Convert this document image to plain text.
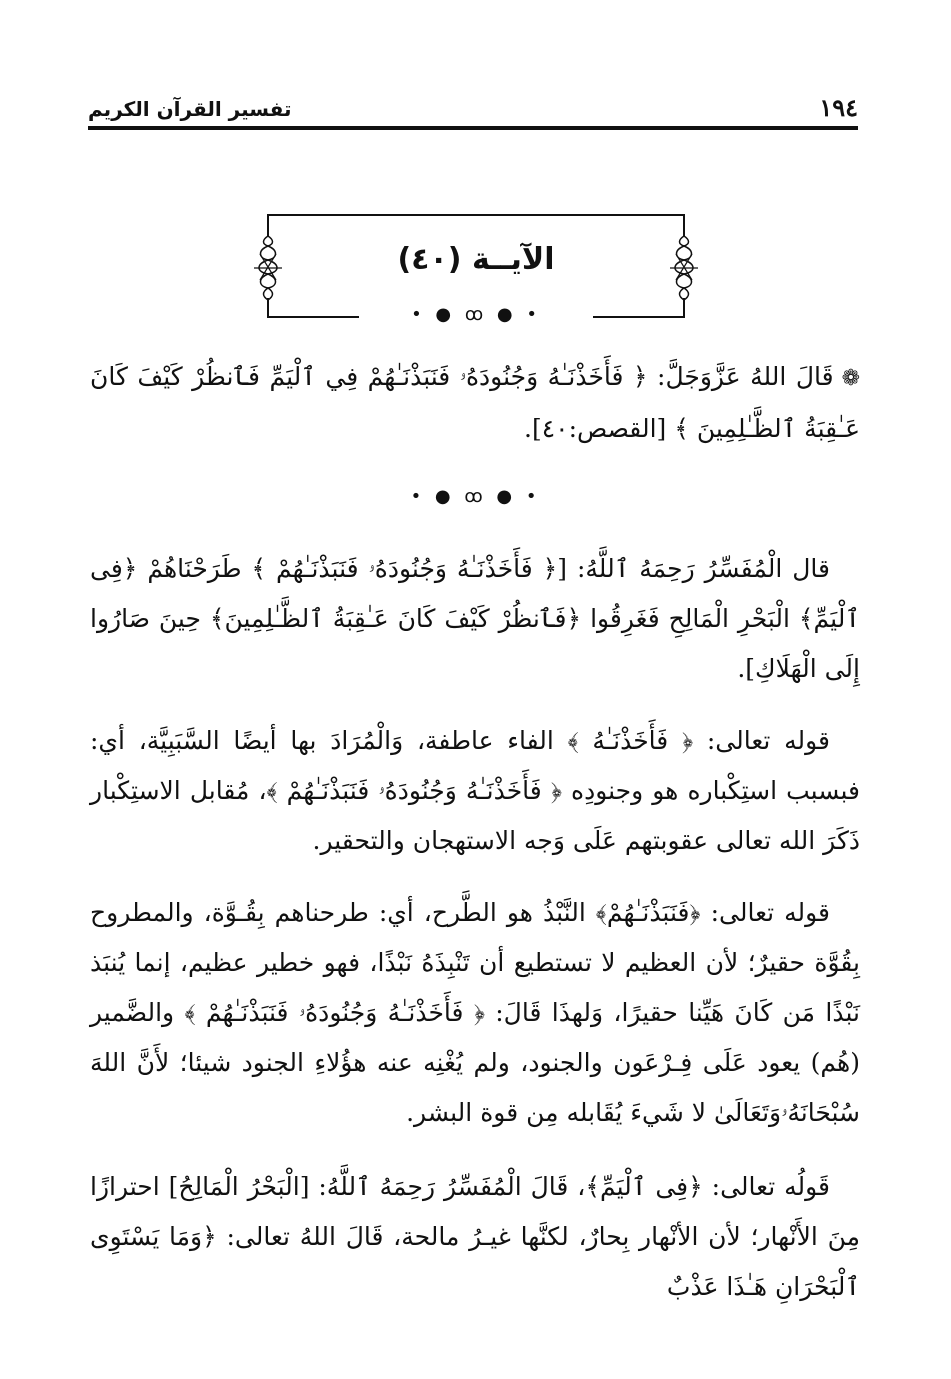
١٩٤
تفسير القرآن الكريم
الآيــة (٤٠)
• ● ꝏ ● •

❁قَالَ اللهُ عَزَّوَجَلَّ: ﴿ فَأَخَذْنَـٰهُ وَجُنُودَهُۥ فَنَبَذْنَـٰهُمْ فِي ٱلْيَمِّ فَٱنظُرْ كَيْفَ كَانَ عَـٰقِبَةُ ٱلظَّـٰلِمِينَ ﴾ [القصص:٤٠].

• ● ꝏ ● •

قال الْمُفَسِّرُ رَحِمَهُ ٱللَّهُ: [﴿ فَأَخَذْنَـٰهُ وَجُنُودَهُۥ فَنَبَذْنَـٰهُمْ ﴾ طَرَحْنَاهُمْ ﴿فِى ٱلْيَمِّ﴾ الْبَحْرِ الْمَالِحِ فَغَرِقُوا ﴿فَٱنظُرْ كَيْفَ كَانَ عَـٰقِبَةُ ٱلظَّـٰلِمِينَ﴾ حِينَ صَارُوا إِلَى الْهَلَاكِ].

قوله تعالى: ﴿ فَأَخَذْنَـٰهُ ﴾ الفاء عاطفة، وَالْمُرَادَ بها أيضًا السَّبَبِيَّة، أي: فبسبب استِكْباره هو وجنودِه ﴿ فَأَخَذْنَـٰهُ وَجُنُودَهُۥ فَنَبَذْنَـٰهُمْ ﴾، مُقابل الاستِكْبار ذَكَرَ الله تعالى عقوبتهم عَلَى وَجه الاستهجان والتحقير.

قوله تعالى: ﴿فَنَبَذْنَـٰهُمْ﴾ النَّبْذُ هو الطَّرح، أي: طرحناهم بِقُـوَّة، والمطروح بِقُوَّة حقيرٌ؛ لأن العظيم لا تستطيع أن تَنْبِذَهُ نَبْذًا، فهو خطير عظيم، إنما يُنبَذ نَبْذًا مَن كَانَ هَيِّنا حقيرًا، وَلهذَا قَالَ: ﴿ فَأَخَذْنَـٰهُ وَجُنُودَهُۥ فَنَبَذْنَـٰهُمْ ﴾ والضَّمير (هُم) يعود عَلَى فِـرْعَون والجنود، ولم يُغْنِه عنه هؤُلاءِ الجنود شيئا؛ لأَنَّ اللهَ سُبْحَانَهُۥوَتَعَالَىٰ لا شَيءَ يُقَابله مِن قوة البشر.

قَولُه تعالى: ﴿فِى ٱلْيَمِّ﴾، قَالَ الْمُفَسِّرُ رَحِمَهُ ٱللَّهُ: [الْبَحْرُ الْمَالِحُ] احترازًا مِنَ الأَنْهار؛ لأن الأنْهار بِحارٌ، لكنَّها غيـرُ مالحة، قَالَ اللهُ تعالى: ﴿وَمَا يَسْتَوِى ٱلْبَحْرَانِ هَـٰذَا عَذْبٌ
